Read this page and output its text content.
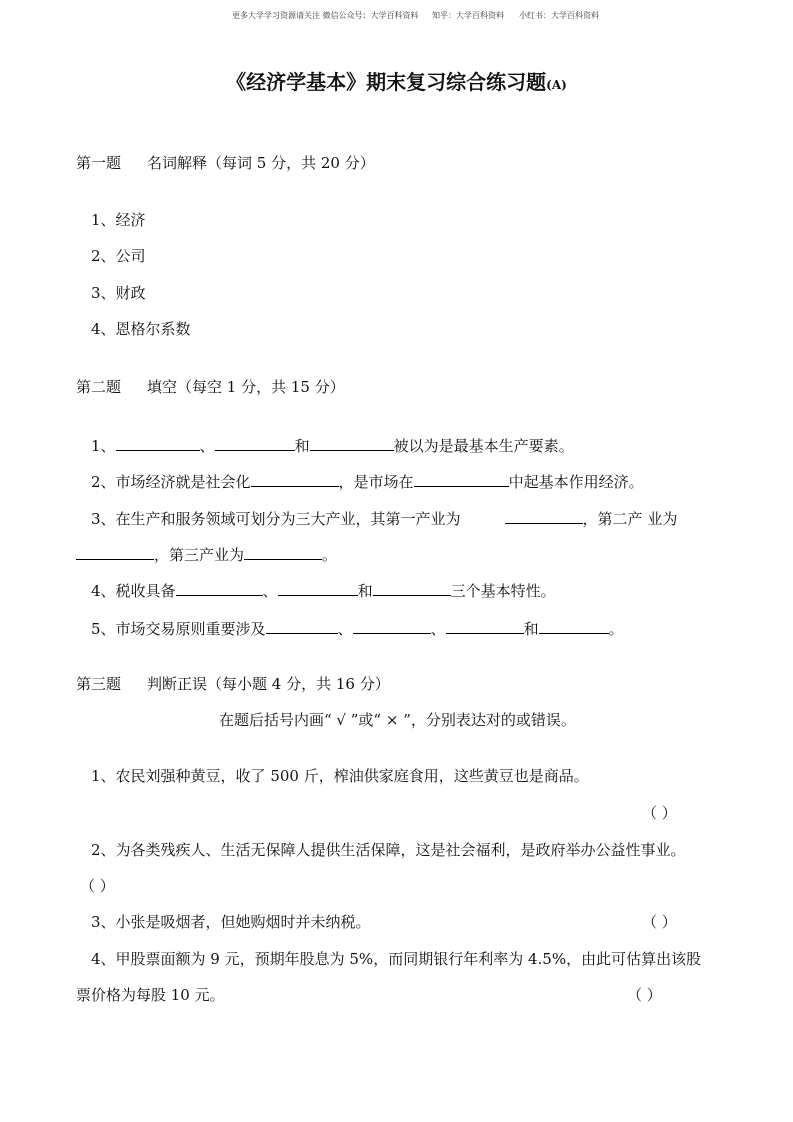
更多大学学习资源请关注 微信公众号：大学百科资料 知乎：大学百科资料 小红书：大学百科资料
《经济学基本》期末复习综合练习题(A)
第一题 名词解释（每词 5 分，共 20 分）
1、经济
2、公司
3、财政
4、恩格尔系数
第二题 填空（每空 1 分，共 15 分）
1、	、	和	被以为是最基本生产要素。
2、市场经济就是社会化	，是市场在	中起基本作用经济。
3、在生产和服务领域可划分为三大产业，其第一产业为	，第二产 业为
，第三产业为	。
4、税收具备	、	和	三个基本特性。
5、市场交易原则重要涉及	、	、	和	。
第三题 判断正误（每小题 4 分，共 16 分）
在题后括号内画“ √ ”或“ × ”，分别表达对的或错误。
1、农民刘强种黄豆，收了 500 斤，榨油供家庭食用，这些黄豆也是商品。
（ ）
2、为各类残疾人、生活无保障人提供生活保障，这是社会福利，是政府举办公益性事业。
（ ）
3、小张是吸烟者，但她购烟时并未纳税。	（ ）
4、甲股票面额为 9 元，预期年股息为 5%，而同期银行年利率为 4.5%，由此可估算出该股
票价格为每股 10 元。	（ ）
